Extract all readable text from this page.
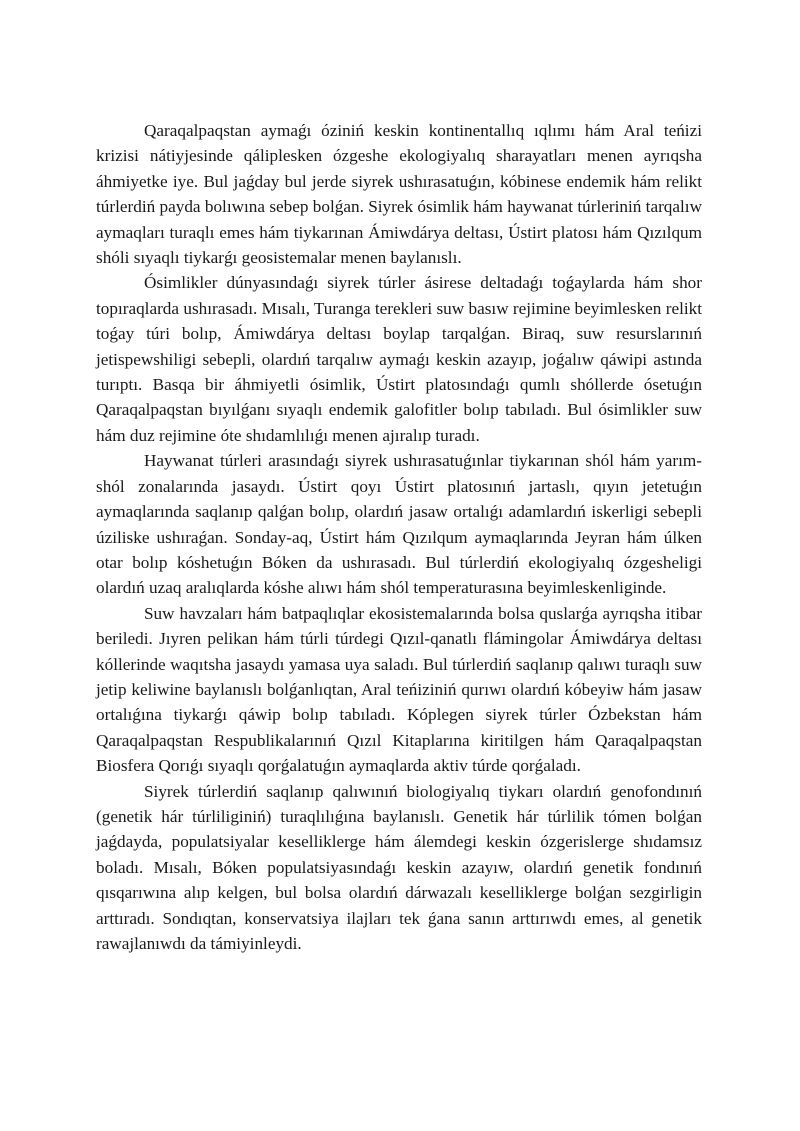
Qaraqalpaqstan aymaǵı óziniń keskin kontinentallıq ıqlımı hám Aral teńizi krizisi nátiyjesinde qáliplesken ózgeshe ekologiyalıq sharayatları menen ayrıqsha áhmiyetke iye. Bul jaǵday bul jerde siyrek ushırasatuǵın, kóbinese endemik hám relikt túrlerdiń payda bolıwına sebep bolǵan. Siyrek ósimlik hám haywanat túrleriniń tarqalıw aymaqları turaqlı emes hám tiykarınan Ámiwdárya deltası, Ústirt platosı hám Qızılqum shóli sıyaqlı tiykarǵı geosistemalar menen baylanıslı.

Ósimlikler dúnyasındaǵı siyrek túrler ásirese deltadaǵı toǵaylarda hám shor topıraqlarda ushırasadı. Mısalı, Turanga terekleri suw basıw rejimine beyimlesken relikt toǵay túri bolıp, Ámiwdárya deltası boylap tarqalǵan. Biraq, suw resurslarınıń jetispewshiligi sebepli, olardıń tarqalıw aymaǵı keskin azayıp, joǵalıw qáwipi astında turıptı. Basqa bir áhmiyetli ósimlik, Ústirt platosındaǵı qumlı shóllerde ósetuǵın Qaraqalpaqstan bıyılǵanı sıyaqlı endemik galofitler bolıp tabıladı. Bul ósimlikler suw hám duz rejimine óte shıdamlılıǵı menen ajıralıp turadı.

Haywanat túrleri arasındaǵı siyrek ushırasatuǵınlar tiykarınan shól hám yarım-shól zonalarında jasaydı. Ústirt qoyı Ústirt platosınıń jartaslı, qıyın jetetuǵın aymaqlarında saqlanıp qalǵan bolıp, olardıń jasaw ortalıǵı adamlardıń iskerligi sebepli úziliske ushıraǵan. Sonday-aq, Ústirt hám Qızılqum aymaqlarında Jeyran hám úlken otar bolıp kóshetuǵın Bóken da ushırasadı. Bul túrlerdiń ekologiyalıq ózgesheligi olardıń uzaq aralıqlarda kóshe alıwı hám shól temperaturasına beyimleskenliginde.

Suw havzaları hám batpaqlıqlar ekosistemalarında bolsa quslarǵa ayrıqsha itibar beriledi. Jıyren pelikan hám túrli túrdegi Qızıl-qanatlı flámingolar Ámiwdárya deltası kóllerinde waqıtsha jasaydı yamasa uya saladı. Bul túrlerdiń saqlanıp qalıwı turaqlı suw jetip keliwine baylanıslı bolǵanlıqtan, Aral teńiziniń qurıwı olardıń kóbeyiw hám jasaw ortalıǵına tiykarǵı qáwip bolıp tabıladı. Kóplegen siyrek túrler Ózbekstan hám Qaraqalpaqstan Respublikalarınıń Qızıl Kitaplarına kiritilgen hám Qaraqalpaqstan Biosfera Qorıǵı sıyaqlı qorǵalatuǵın aymaqlarda aktiv túrde qorǵaladı.

Siyrek túrlerdiń saqlanıp qalıwınıń biologiyalıq tiykarı olardıń genofondınıń (genetik hár túrliliginiń) turaqlılıǵına baylanıslı. Genetik hár túrlilik tómen bolǵan jaǵdayda, populatsiyalar keselliklerge hám álemdegi keskin ózgerislerge shıdamsız boladı. Mısalı, Bóken populatsiyasındaǵı keskin azayıw, olardıń genetik fondınıń qısqarıwına alıp kelgen, bul bolsa olardıń dárwazalı keselliklerge bolǵan sezgirligin arttıradı. Sondıqtan, konservatsiya ilajları tek ǵana sanın arttırıwdı emes, al genetik rawajlanıwdı da támiyinleydi.
